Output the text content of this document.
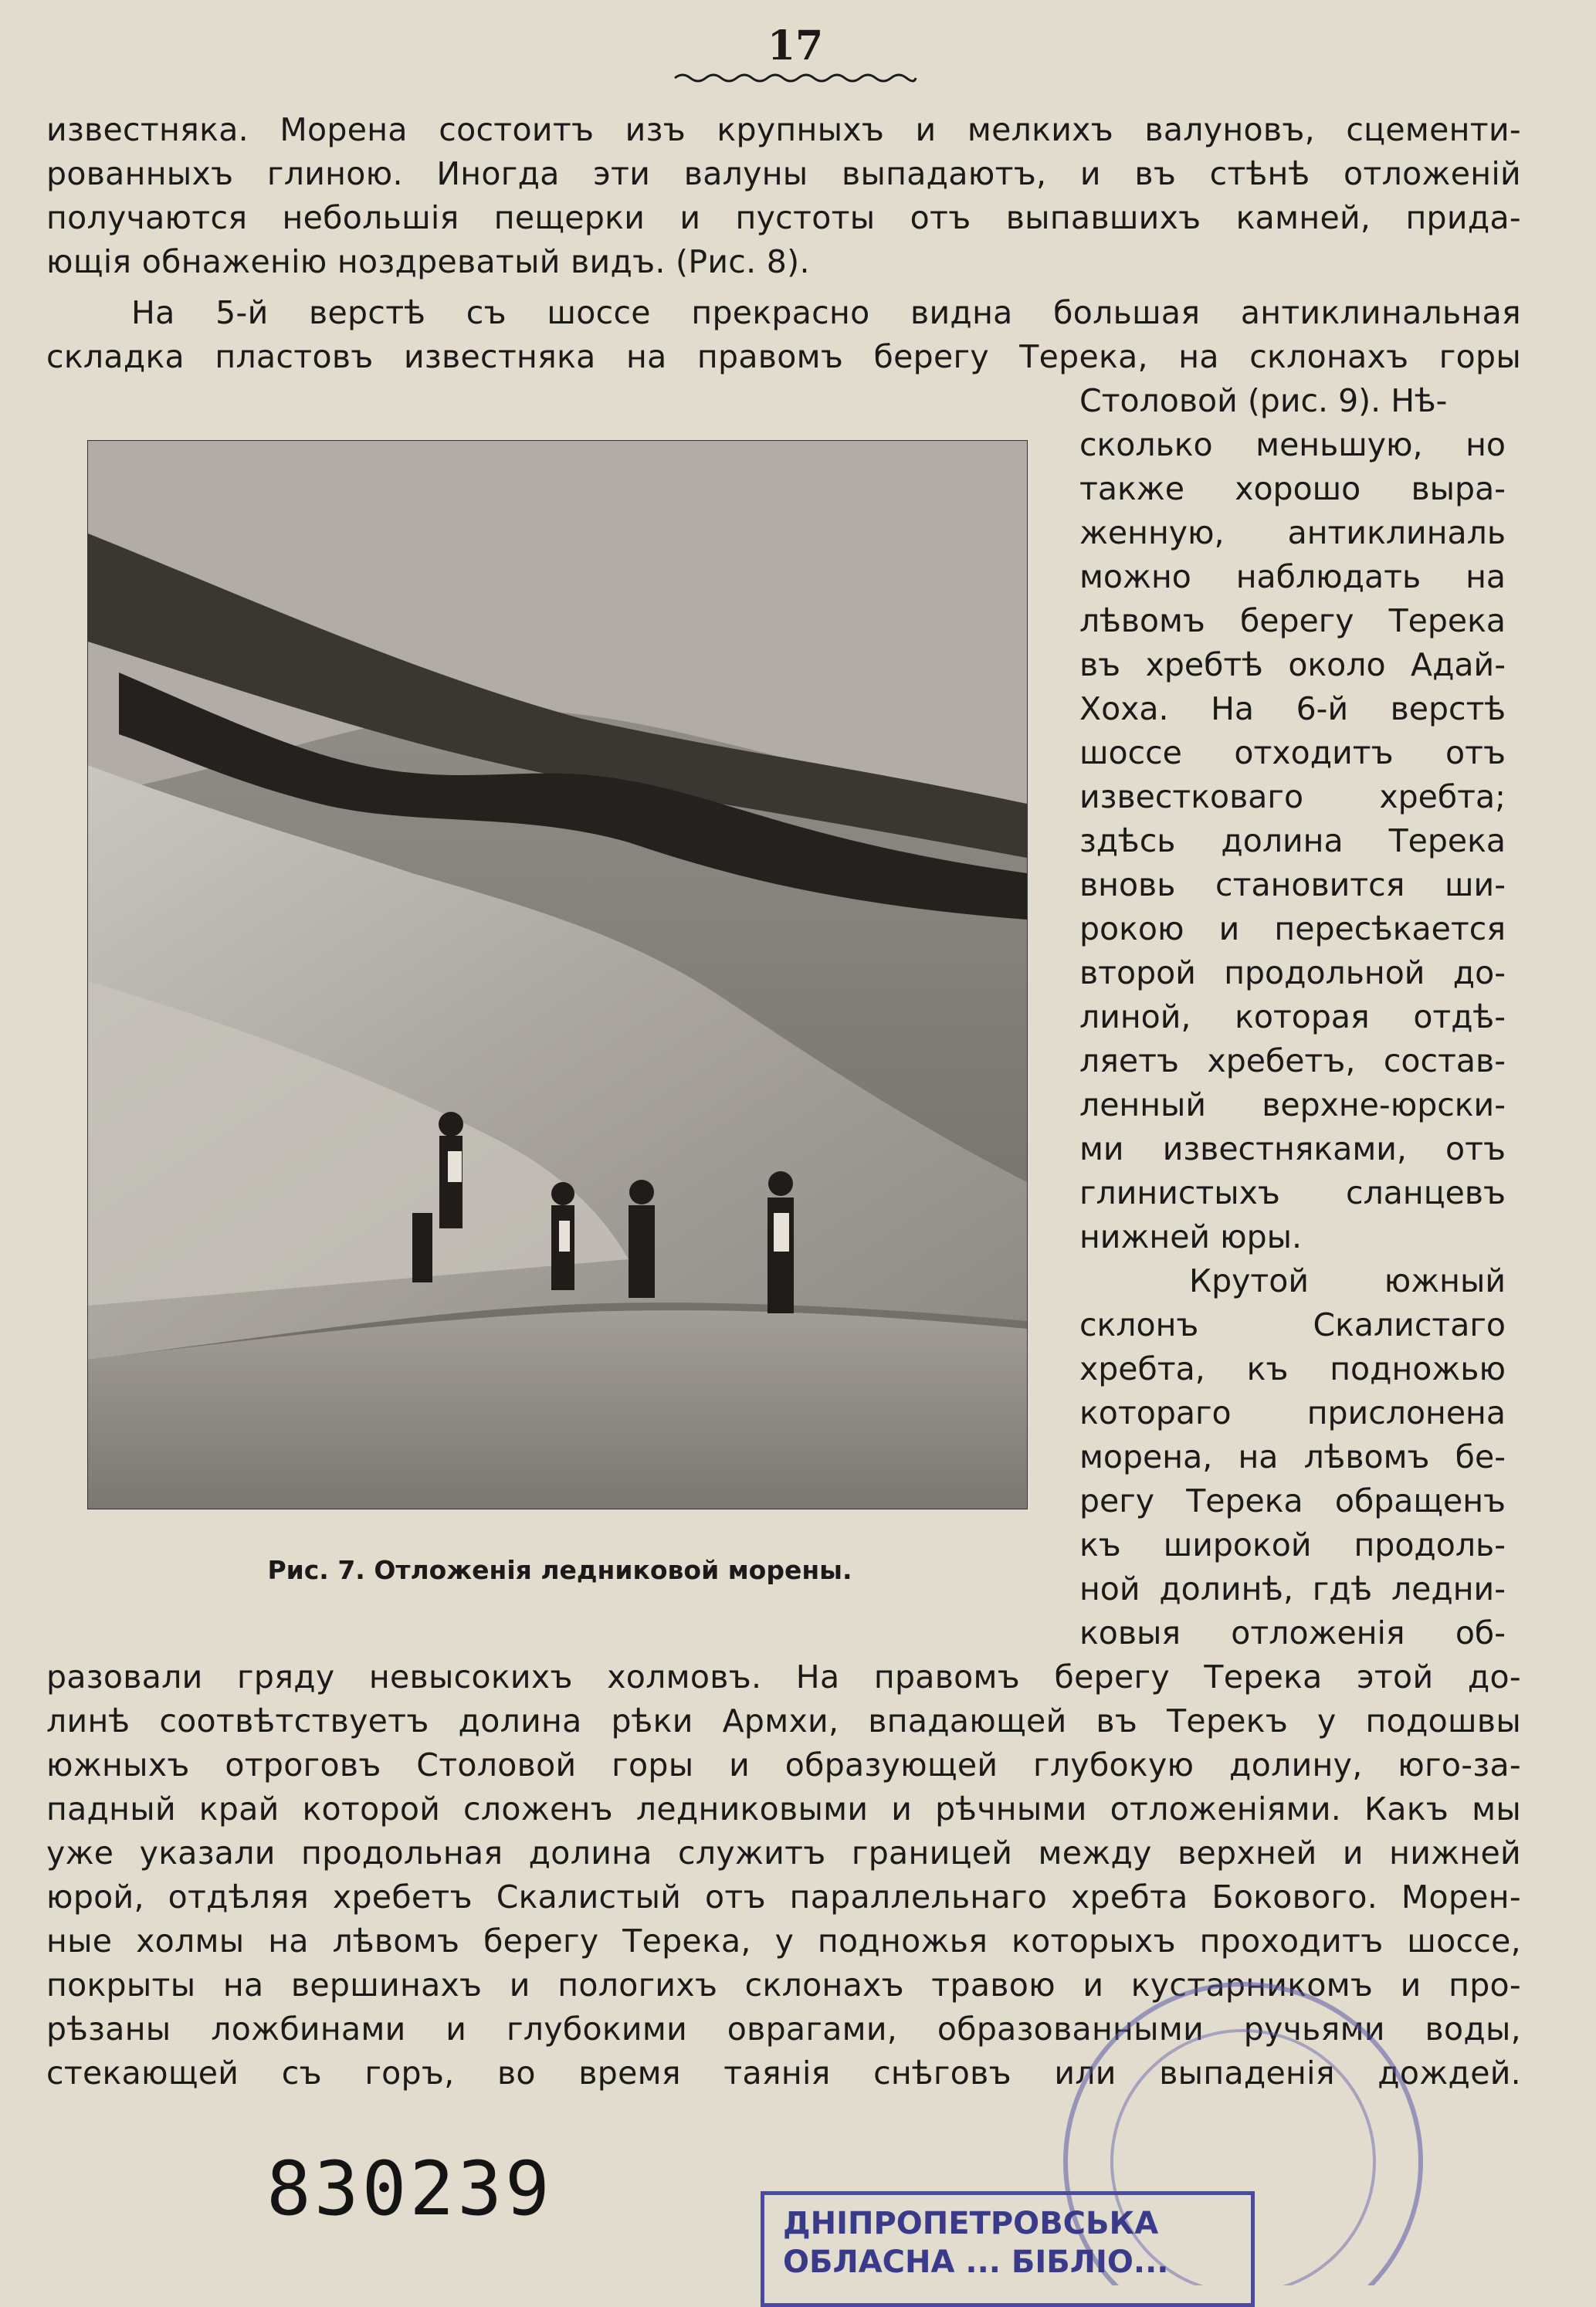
17
известняка. Морена состоитъ изъ крупныхъ и мелкихъ валуновъ, сцементи-
рованныхъ глиною. Иногда эти валуны выпадаютъ, и въ стѣнѣ отложеній
получаются небольшія пещерки и пустоты отъ выпавшихъ камней, прида-
ющія обнаженію ноздреватый видъ. (Рис. 8).
На 5-й верстѣ съ шоссе прекрасно видна большая антиклинальная
складка пластовъ известняка на правомъ берегу Терека, на склонахъ горы
Столовой (рис. 9). Нѣ-
сколько меньшую, но
также хорошо выра-
женную, антиклиналь
можно наблюдать на
лѣвомъ берегу Терека
въ хребтѣ около Адай-
Хоха. На 6-й верстѣ
шоссе отходитъ отъ
известковаго хребта;
здѣсь долина Терека
вновь становится ши-
рокою и пересѣкается
второй продольной до-
линой, которая отдѣ-
ляетъ хребетъ, состав-
ленный верхне-юрски-
ми известняками, отъ
глинистыхъ сланцевъ
нижней юры.
Крутой южный
склонъ Скалистаго
хребта, къ подножью
котораго прислонена
морена, на лѣвомъ бе-
регу Терека обращенъ
къ широкой продоль-
ной долинѣ, гдѣ ледни-
ковыя отложенія об-
Рис. 7. Отложенія ледниковой морены.
разовали гряду невысокихъ холмовъ. На правомъ берегу Терека этой до-
линѣ соотвѣтствуетъ долина рѣки Армхи, впадающей въ Терекъ у подошвы
южныхъ отроговъ Столовой горы и образующей глубокую долину, юго-за-
падный край которой сложенъ ледниковыми и рѣчными отложеніями. Какъ мы
уже указали продольная долина служитъ границей между верхней и нижней
юрой, отдѣляя хребетъ Скалистый отъ параллельнаго хребта Бокового. Морен-
ные холмы на лѣвомъ берегу Терека, у подножья которыхъ проходитъ шоссе,
покрыты на вершинахъ и пологихъ склонахъ травою и кустарникомъ и про-
рѣзаны ложбинами и глубокими оврагами, образованными ручьями воды,
стекающей съ горъ, во время таянія снѣговъ или выпаденія дождей.
830239	ДНІПРОПЕТРОВСЬКА
ОБЛАСНА ... БІБЛІО...
